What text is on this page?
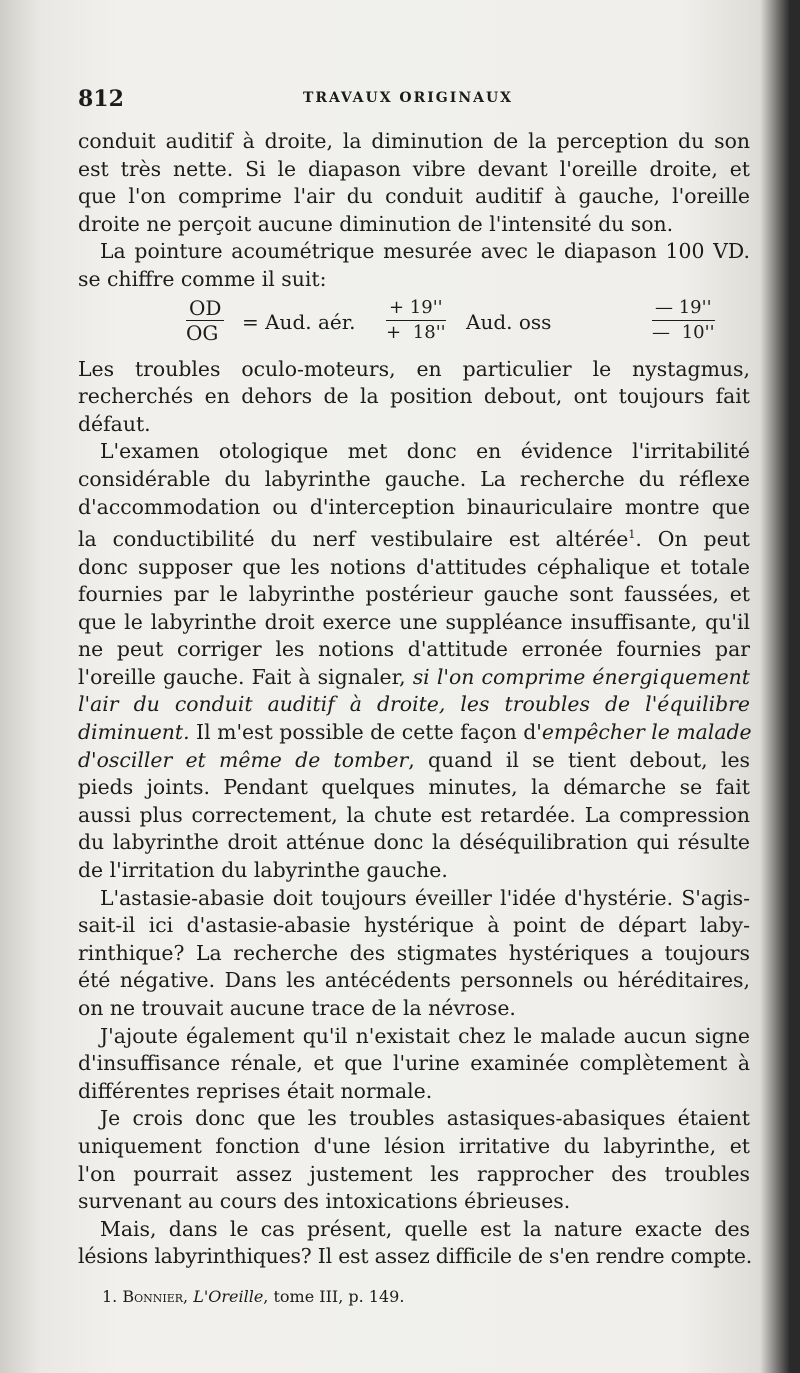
812	TRAVAUX ORIGINAUX

conduit auditif à droite, la diminution de la perception du son
est très nette. Si le diapason vibre devant l'oreille droite, et
que l'on comprime l'air du conduit auditif à gauche, l'oreille
droite ne perçoit aucune diminution de l'intensité du son.

La pointure acoumétrique mesurée avec le diapason 100 VD.
se chiffre comme il suit:

$\frac{OD}{OG}$ = Aud. aér. $\frac{+ 19''}{+ 18''}$ Aud. oss	$\frac{— 19''}{— 10''}$

Les troubles oculo-moteurs, en particulier le nystagmus,
recherchés en dehors de la position debout, ont toujours fait
défaut.

L'examen otologique met donc en évidence l'irritabilité
considérable du labyrinthe gauche. La recherche du réflexe
d'accommodation ou d'interception binauriculaire montre que
la conductibilité du nerf vestibulaire est altérée$^1$. On peut
donc supposer que les notions d'attitudes céphalique et totale
fournies par le labyrinthe postérieur gauche sont faussées, et
que le labyrinthe droit exerce une suppléance insuffisante, qu'il
ne peut corriger les notions d'attitude erronée fournies par
l'oreille gauche. Fait à signaler, si l'on comprime énergiquement
l'air du conduit auditif à droite, les troubles de l'équilibre
diminuent. Il m'est possible de cette façon d'empêcher le malade
d'osciller et même de tomber, quand il se tient debout, les
pieds joints. Pendant quelques minutes, la démarche se fait
aussi plus correctement, la chute est retardée. La compression
du labyrinthe droit atténue donc la déséquilibration qui résulte
de l'irritation du labyrinthe gauche.

L'astasie-abasie doit toujours éveiller l'idée d'hystérie. S'agis-
sait-il ici d'astasie-abasie hystérique à point de départ laby-
rinthique? La recherche des stigmates hystériques a toujours
été négative. Dans les antécédents personnels ou héréditaires,
on ne trouvait aucune trace de la névrose.

J'ajoute également qu'il n'existait chez le malade aucun signe
d'insuffisance rénale, et que l'urine examinée complètement à
différentes reprises était normale.

Je crois donc que les troubles astasiques-abasiques étaient
uniquement fonction d'une lésion irritative du labyrinthe, et
l'on pourrait assez justement les rapprocher des troubles
survenant au cours des intoxications ébrieuses.

Mais, dans le cas présent, quelle est la nature exacte des
lésions labyrinthiques? Il est assez difficile de s'en rendre compte.

1. Bonnier, L'Oreille, tome III, p. 149.
